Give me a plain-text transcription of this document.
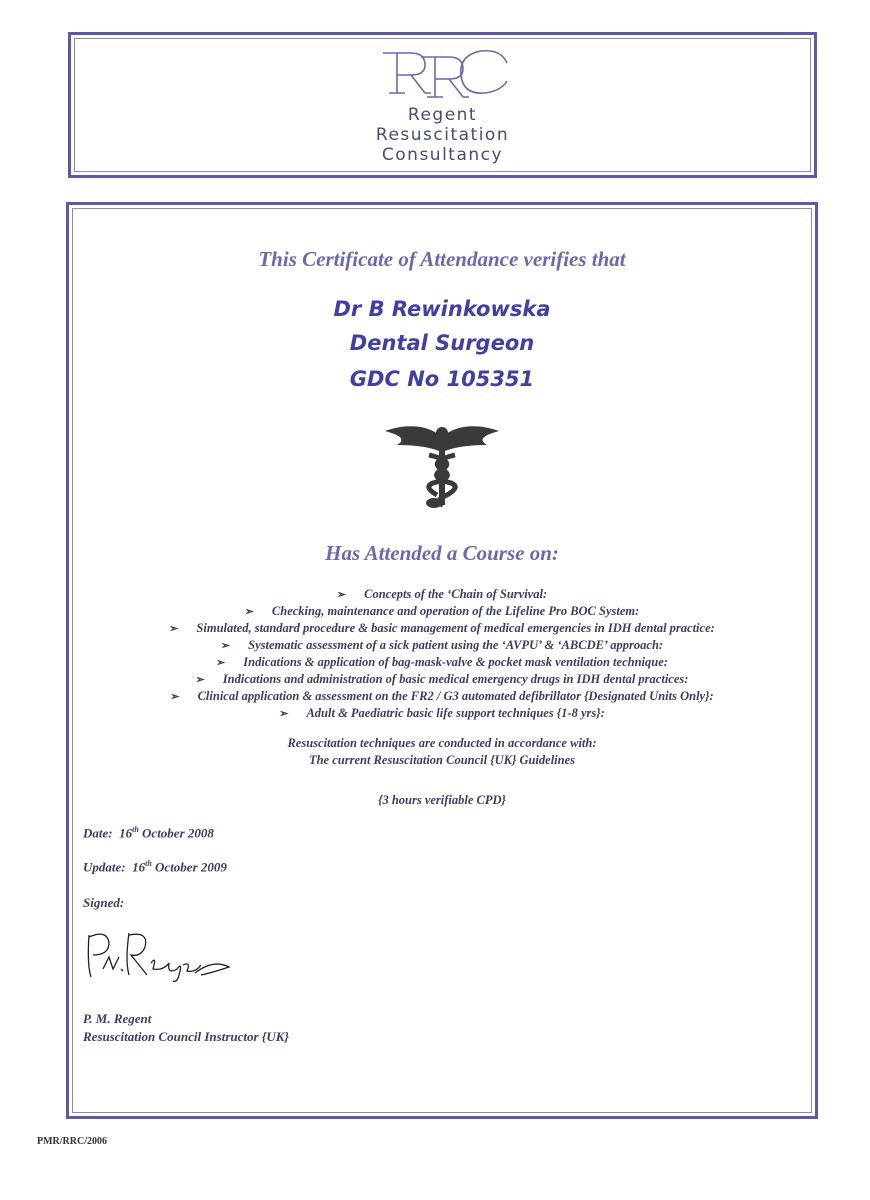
Regent
Resuscitation
Consultancy
This Certificate of Attendance verifies that
Dr B Rewinkowska
Dental Surgeon
GDC No 105351
Has Attended a Course on:
➢ Concepts of the ‘Chain of Survival:
➢ Checking, maintenance and operation of the Lifeline Pro BOC System:
➢ Simulated, standard procedure & basic management of medical emergencies in IDH dental practice:
➢ Systematic assessment of a sick patient using the ‘AVPU’ & ‘ABCDE’ approach:
➢ Indications & application of bag-mask-valve & pocket mask ventilation technique:
➢ Indications and administration of basic medical emergency drugs in IDH dental practices:
➢ Clinical application & assessment on the FR2 / G3 automated defibrillator {Designated Units Only}:
➢ Adult & Paediatric basic life support techniques {1-8 yrs}:
Resuscitation techniques are conducted in accordance with:
The current Resuscitation Council {UK} Guidelines
{3 hours verifiable CPD}
Date: 16th October 2008
Update: 16th October 2009
Signed:
P. M. Regent
Resuscitation Council Instructor {UK}
PMR/RRC/2006
